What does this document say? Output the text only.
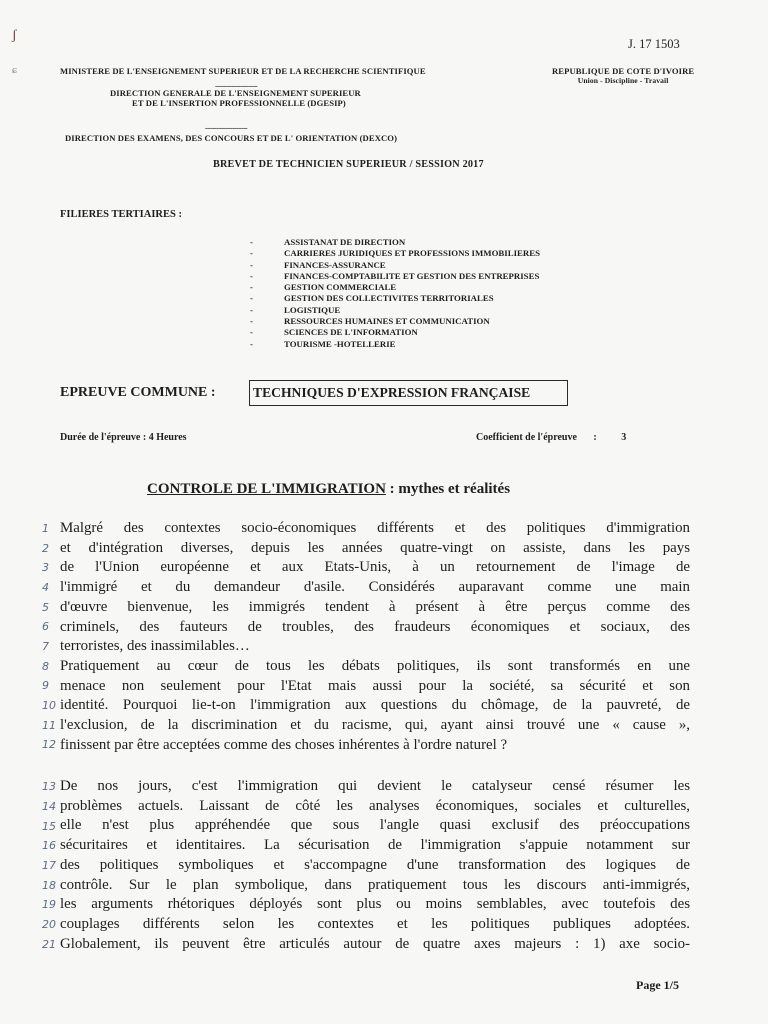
ʃ
ɕ
J. 17 1503
MINISTERE DE L'ENSEIGNEMENT SUPERIEUR ET DE LA RECHERCHE SCIENTIFIQUE	REPUBLIQUE DE COTE D'IVOIRE
Union - Discipline - Travail
-----------------------
DIRECTION GENERALE DE L'ENSEIGNEMENT SUPERIEUR
ET DE L'INSERTION PROFESSIONNELLE (DGESIP)
-----------------------
DIRECTION DES EXAMENS, DES CONCOURS ET DE L' ORIENTATION (DEXCO)
BREVET DE TECHNICIEN SUPERIEUR / SESSION 2017
FILIERES TERTIAIRES :
-	ASSISTANAT DE DIRECTION
-	CARRIERES JURIDIQUES ET PROFESSIONS IMMOBILIERES
-	FINANCES-ASSURANCE
-	FINANCES-COMPTABILITE ET GESTION DES ENTREPRISES
-	GESTION COMMERCIALE
-	GESTION DES COLLECTIVITES TERRITORIALES
-	LOGISTIQUE
-	RESSOURCES HUMAINES ET COMMUNICATION
-	SCIENCES DE L'INFORMATION
-	TOURISME -HOTELLERIE
EPREUVE COMMUNE :	TECHNIQUES D'EXPRESSION FRANÇAISE
Durée de l'épreuve : 4 Heures	Coefficient de l'épreuve : 3
CONTROLE DE L'IMMIGRATION : mythes et réalités
Malgré des contextes socio-économiques différents et des politiques d'immigration
et d'intégration diverses, depuis les années quatre-vingt on assiste, dans les pays
de l'Union européenne et aux Etats-Unis, à un retournement de l'image de
l'immigré et du demandeur d'asile. Considérés auparavant comme une main
d'œuvre bienvenue, les immigrés tendent à présent à être perçus comme des
criminels, des fauteurs de troubles, des fraudeurs économiques et sociaux, des
terroristes, des inassimilables…
Pratiquement au cœur de tous les débats politiques, ils sont transformés en une
menace non seulement pour l'Etat mais aussi pour la société, sa sécurité et son
identité. Pourquoi lie-t-on l'immigration aux questions du chômage, de la pauvreté, de
l'exclusion, de la discrimination et du racisme, qui, ayant ainsi trouvé une « cause »,
finissent par être acceptées comme des choses inhérentes à l'ordre naturel ?
1
2
3
4
5
6
7
8
9
10
11
12
De nos jours, c'est l'immigration qui devient le catalyseur censé résumer les
problèmes actuels. Laissant de côté les analyses économiques, sociales et culturelles,
elle n'est plus appréhendée que sous l'angle quasi exclusif des préoccupations
sécuritaires et identitaires. La sécurisation de l'immigration s'appuie notamment sur
des politiques symboliques et s'accompagne d'une transformation des logiques de
contrôle. Sur le plan symbolique, dans pratiquement tous les discours anti-immigrés,
les arguments rhétoriques déployés sont plus ou moins semblables, avec toutefois des
couplages différents selon les contextes et les politiques publiques adoptées.
Globalement, ils peuvent être articulés autour de quatre axes majeurs : 1) axe socio-
13
14
15
16
17
18
19
20
21
Page 1/5
